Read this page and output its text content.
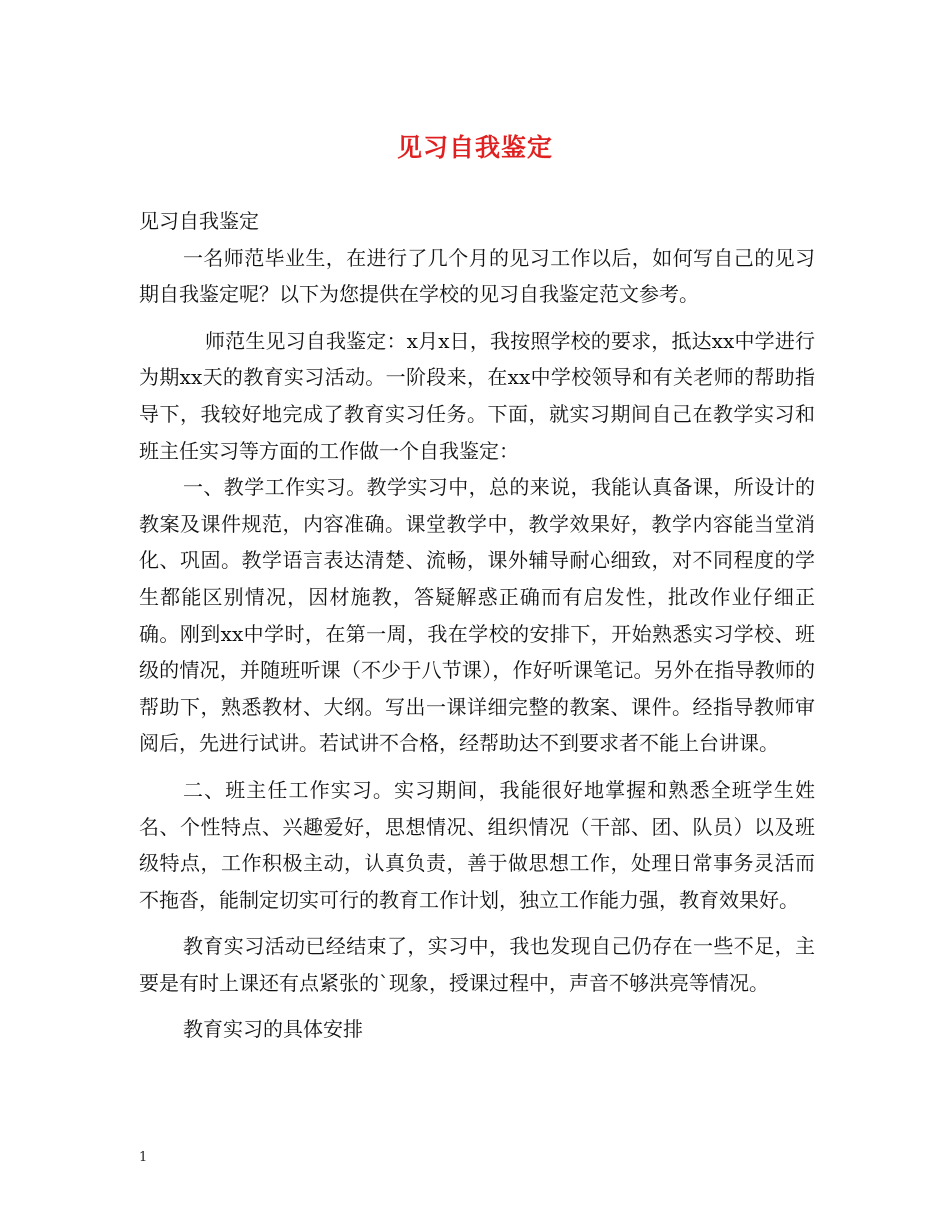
见习自我鉴定

见习自我鉴定

一名师范毕业生，在进行了几个月的见习工作以后，如何写自己的见习期自我鉴定呢？以下为您提供在学校的见习自我鉴定范文参考。

师范生见习自我鉴定：x月x日，我按照学校的要求，抵达xx中学进行为期xx天的教育实习活动。一阶段来，在xx中学校领导和有关老师的帮助指导下，我较好地完成了教育实习任务。下面，就实习期间自己在教学实习和班主任实习等方面的工作做一个自我鉴定：

一、教学工作实习。教学实习中，总的来说，我能认真备课，所设计的教案及课件规范，内容准确。课堂教学中，教学效果好，教学内容能当堂消化、巩固。教学语言表达清楚、流畅，课外辅导耐心细致，对不同程度的学生都能区别情况，因材施教，答疑解惑正确而有启发性，批改作业仔细正确。刚到xx中学时，在第一周，我在学校的安排下，开始熟悉实习学校、班级的情况，并随班听课（不少于八节课），作好听课笔记。另外在指导教师的帮助下，熟悉教材、大纲。写出一课详细完整的教案、课件。经指导教师审阅后，先进行试讲。若试讲不合格，经帮助达不到要求者不能上台讲课。

二、班主任工作实习。实习期间，我能很好地掌握和熟悉全班学生姓名、个性特点、兴趣爱好，思想情况、组织情况（干部、团、队员）以及班级特点，工作积极主动，认真负责，善于做思想工作，处理日常事务灵活而不拖沓，能制定切实可行的教育工作计划，独立工作能力强，教育效果好。

教育实习活动已经结束了，实习中，我也发现自己仍存在一些不足，主要是有时上课还有点紧张的`现象，授课过程中，声音不够洪亮等情况。

教育实习的具体安排

1
